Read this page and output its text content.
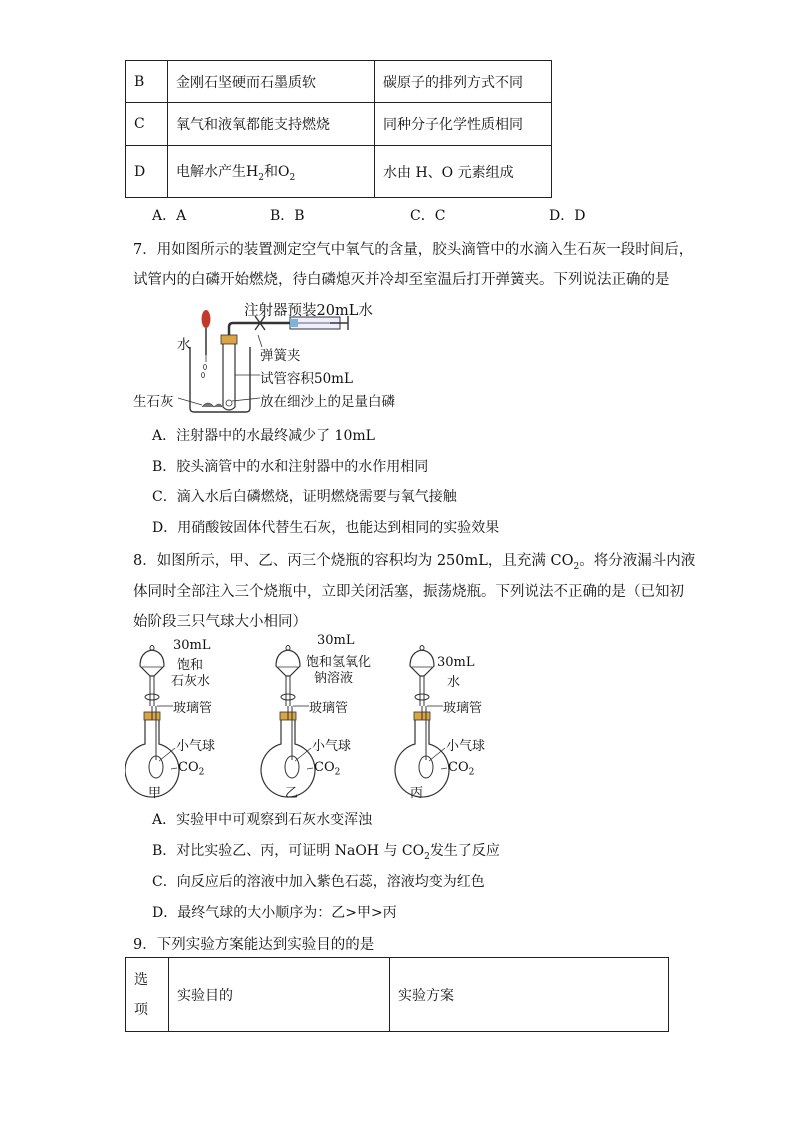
B	金刚石坚硬而石墨质软	碳原子的排列方式不同
C	氧气和液氧都能支持燃烧	同种分子化学性质相同
D	电解水产生$H_2$和$O_2$	水由 H、O 元素组成
A．A	B．B	C．C	D．D
7．用如图所示的装置测定空气中氧气的含量，胶头滴管中的水滴入生石灰一段时间后，
试管内的白磷开始燃烧，待白磷熄灭并冷却至室温后打开弹簧夹。下列说法正确的是
注射器预装20mL水
水
弹簧夹
试管容积50mL
生石灰	放在细沙上的足量白磷
A．注射器中的水最终减少了 10mL
B．胶头滴管中的水和注射器中的水作用相同
C．滴入水后白磷燃烧，证明燃烧需要与氧气接触
D．用硝酸铵固体代替生石灰，也能达到相同的实验效果
8．如图所示，甲、乙、丙三个烧瓶的容积均为 250mL，且充满 $CO_2$。将分液漏斗内液
体同时全部注入三个烧瓶中，立即关闭活塞，振荡烧瓶。下列说法不正确的是（已知初
始阶段三只气球大小相同）
30mL
饱和
石灰水
玻璃管
小气球
$CO_2$
甲
30mL
饱和氢氧化
钠溶液
玻璃管
小气球
$CO_2$
乙
30mL
水
玻璃管
小气球
$CO_2$
丙
A．实验甲中可观察到石灰水变浑浊
B．对比实验乙、丙，可证明 NaOH 与 $CO_2$发生了反应
C．向反应后的溶液中加入紫色石蕊，溶液均变为红色
D．最终气球的大小顺序为：乙>甲>丙
9．下列实验方案能达到实验目的的是
选
项	实验目的	实验方案
